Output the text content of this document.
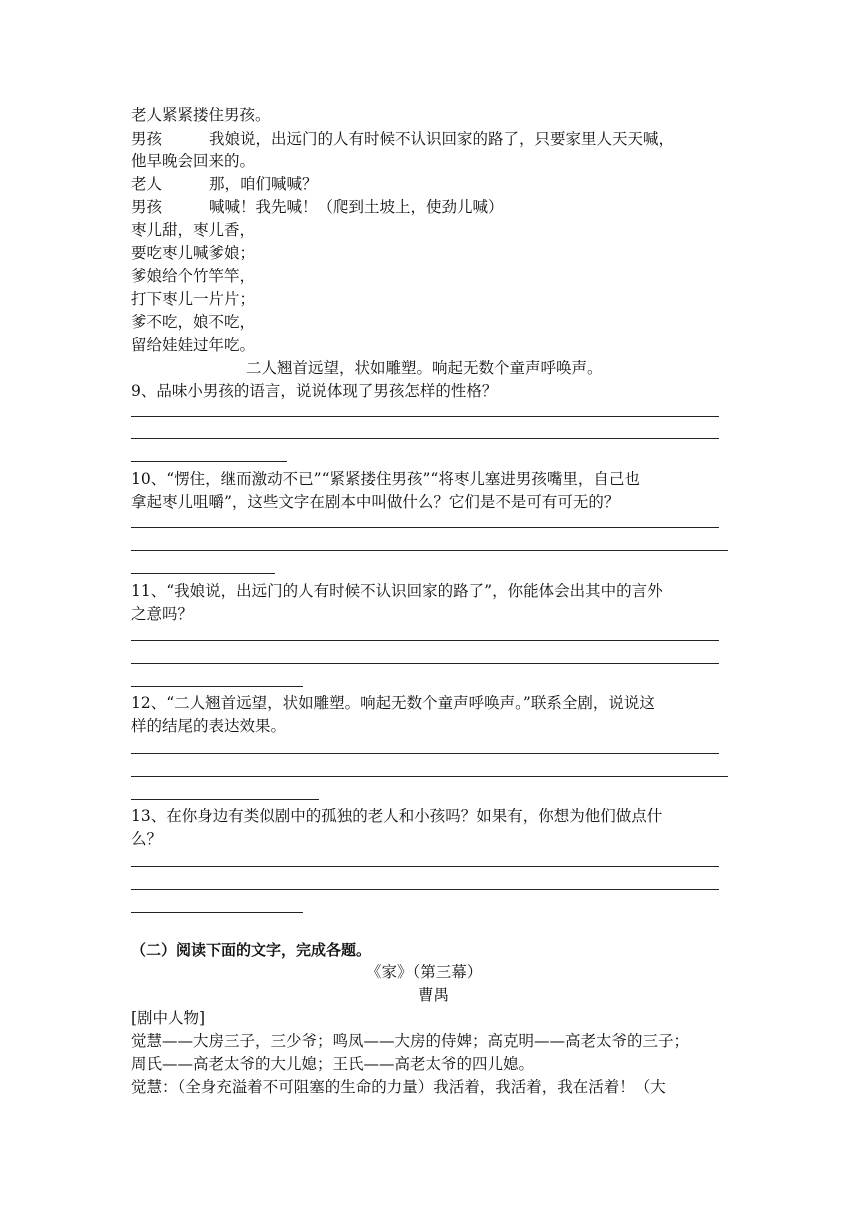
老人紧紧搂住男孩。
男孩	我娘说，出远门的人有时候不认识回家的路了，只要家里人天天喊，
他早晚会回来的。
老人	那，咱们喊喊？
男孩	喊喊！我先喊！（爬到土坡上，使劲儿喊）
枣儿甜，枣儿香，
要吃枣儿喊爹娘；
爹娘给个竹竿竿，
打下枣儿一片片；
爹不吃，娘不吃，
留给娃娃过年吃。
二人翘首远望，状如雕塑。响起无数个童声呼唤声。
9、品味小男孩的语言，说说体现了男孩怎样的性格？
10、“愣住，继而激动不已”“紧紧搂住男孩”“将枣儿塞进男孩嘴里，自己也
拿起枣儿咀嚼”，这些文字在剧本中叫做什么？它们是不是可有可无的？
11、“我娘说，出远门的人有时候不认识回家的路了”，你能体会出其中的言外
之意吗？
12、“二人翘首远望，状如雕塑。响起无数个童声呼唤声。”联系全剧，说说这
样的结尾的表达效果。
13、在你身边有类似剧中的孤独的老人和小孩吗？如果有，你想为他们做点什
么？
（二）阅读下面的文字，完成各题。
《家》（第三幕）
曹禺
[剧中人物]
觉慧——大房三子，三少爷；鸣凤——大房的侍婢；高克明——高老太爷的三子；
周氏——高老太爷的大儿媳；王氏——高老太爷的四儿媳。
觉慧：（全身充溢着不可阻塞的生命的力量）我活着，我活着，我在活着！（大
